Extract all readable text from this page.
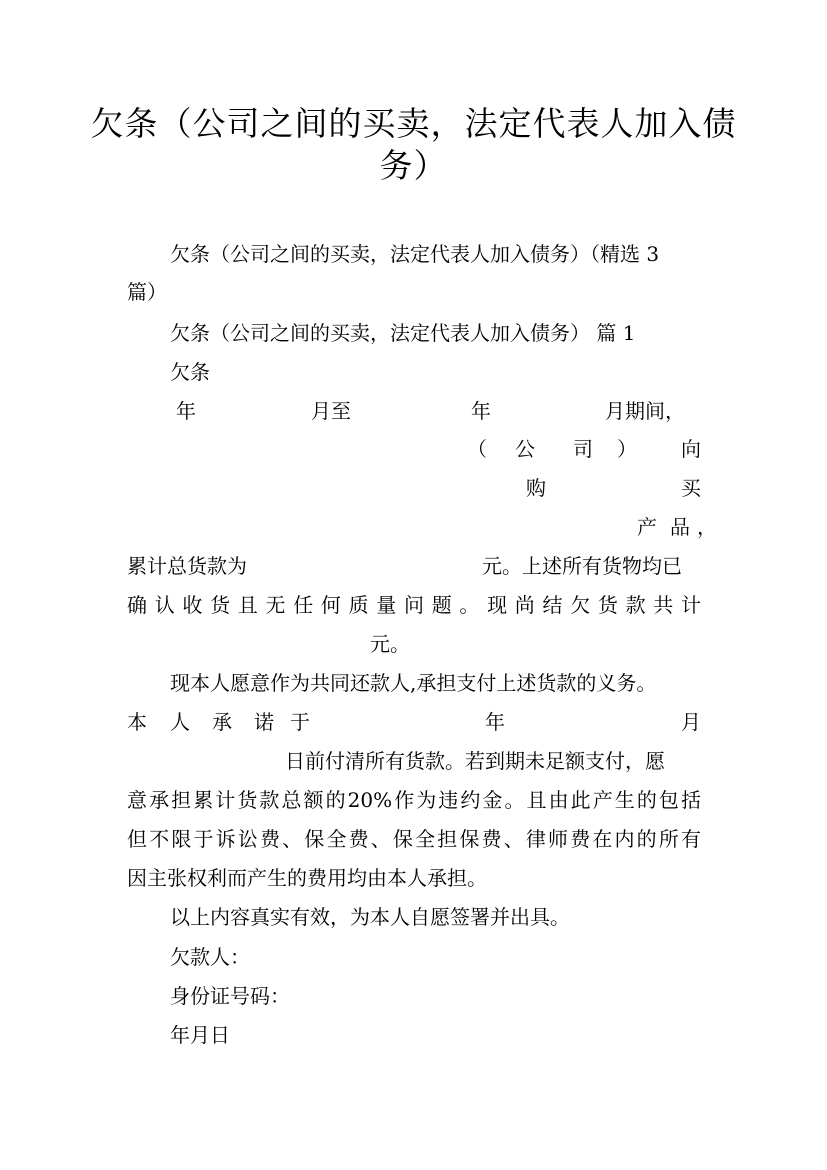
欠条（公司之间的买卖，法定代表人加入债
务）
欠条（公司之间的买卖，法定代表人加入债务）（精选 3
篇）
欠条（公司之间的买卖，法定代表人加入债务） 篇 1
欠条
年	月至	年	月期间，
（ 公 司 ） 向
购	买
产 品 ，
累计总货款为	元。上述所有货物均已
确认收货且无任何质量问题。现尚结欠货款共计
元。
现本人愿意作为共同还款人,承担支付上述货款的义务。
本 人 承 诺 于	年	月
日前付清所有货款。若到期未足额支付，愿
意承担累计货款总额的20%作为违约金。且由此产生的包括
但不限于诉讼费、保全费、保全担保费、律师费在内的所有
因主张权利而产生的费用均由本人承担。
以上内容真实有效，为本人自愿签署并出具。
欠款人：
身份证号码：
年月日
